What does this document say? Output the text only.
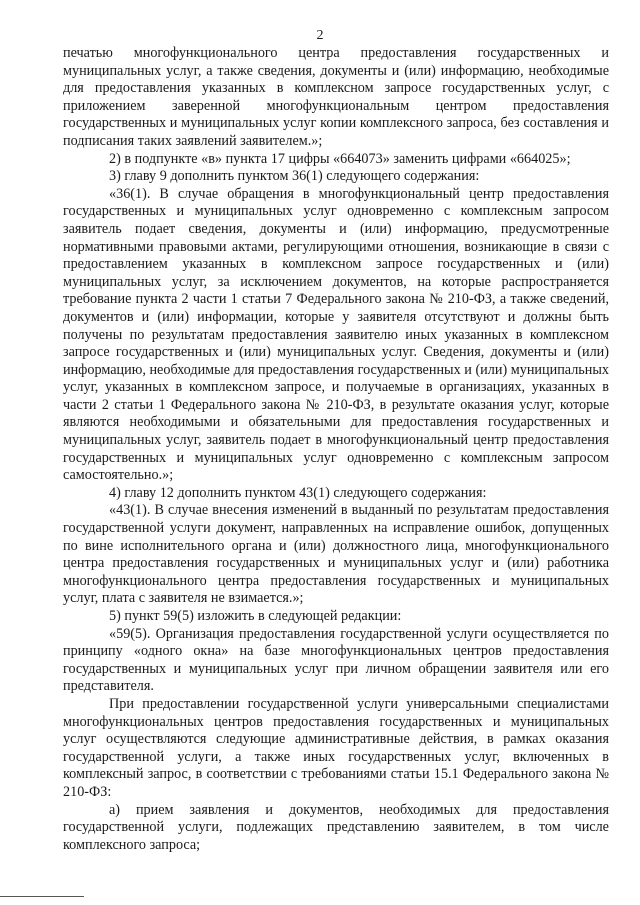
2

печатью многофункционального центра предоставления государственных и муниципальных услуг, а также сведения, документы и (или) информацию, необходимые для предоставления указанных в комплексном запросе государственных услуг, с приложением заверенной многофункциональным центром предоставления государственных и муниципальных услуг копии комплексного запроса, без составления и подписания таких заявлений заявителем.»;

2) в подпункте «в» пункта 17 цифры «664073» заменить цифрами «664025»;

3) главу 9 дополнить пунктом 36(1) следующего содержания:

«36(1). В случае обращения в многофункциональный центр предоставления государственных и муниципальных услуг одновременно с комплексным запросом заявитель подает сведения, документы и (или) информацию, предусмотренные нормативными правовыми актами, регулирующими отношения, возникающие в связи с предоставлением указанных в комплексном запросе государственных и (или) муниципальных услуг, за исключением документов, на которые распространяется требование пункта 2 части 1 статьи 7 Федерального закона № 210-ФЗ, а также сведений, документов и (или) информации, которые у заявителя отсутствуют и должны быть получены по результатам предоставления заявителю иных указанных в комплексном запросе государственных и (или) муниципальных услуг. Сведения, документы и (или) информацию, необходимые для предоставления государственных и (или) муниципальных услуг, указанных в комплексном запросе, и получаемые в организациях, указанных в части 2 статьи 1 Федерального закона № 210-ФЗ, в результате оказания услуг, которые являются необходимыми и обязательными для предоставления государственных и муниципальных услуг, заявитель подает в многофункциональный центр предоставления государственных и муниципальных услуг одновременно с комплексным запросом самостоятельно.»;

4) главу 12 дополнить пунктом 43(1) следующего содержания:

«43(1). В случае внесения изменений в выданный по результатам предоставления государственной услуги документ, направленных на исправление ошибок, допущенных по вине исполнительного органа и (или) должностного лица, многофункционального центра предоставления государственных и муниципальных услуг и (или) работника многофункционального центра предоставления государственных и муниципальных услуг, плата с заявителя не взимается.»;

5) пункт 59(5) изложить в следующей редакции:

«59(5). Организация предоставления государственной услуги осуществляется по принципу «одного окна» на базе многофункциональных центров предоставления государственных и муниципальных услуг при личном обращении заявителя или его представителя.

При предоставлении государственной услуги универсальными специалистами многофункциональных центров предоставления государственных и муниципальных услуг осуществляются следующие административные действия, в рамках оказания государственной услуги, а также иных государственных услуг, включенных в комплексный запрос, в соответствии с требованиями статьи 15.1 Федерального закона № 210-ФЗ:

а) прием заявления и документов, необходимых для предоставления государственной услуги, подлежащих представлению заявителем, в том числе комплексного запроса;
